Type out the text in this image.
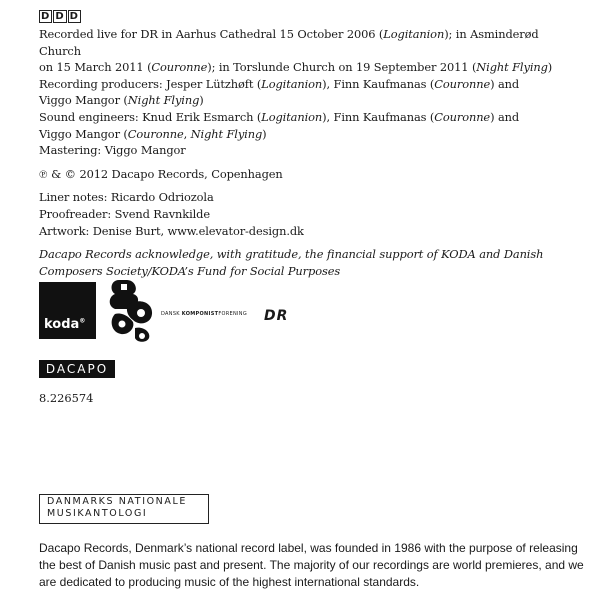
D D D

Recorded live for DR in Aarhus Cathedral 15 October 2006 (Logitanion); in Asminderød Church
on 15 March 2011 (Couronne); in Torslunde Church on 19 September 2011 (Night Flying)

Recording producers: Jesper Lützhøft (Logitanion), Finn Kaufmanas (Couronne) and
Viggo Mangor (Night Flying)

Sound engineers: Knud Erik Esmarch (Logitanion), Finn Kaufmanas (Couronne) and
Viggo Mangor (Couronne, Night Flying)

Mastering: Viggo Mangor

℗ & © 2012 Dacapo Records, Copenhagen

Liner notes: Ricardo Odriozola

Proofreader: Svend Ravnkilde

Artwork: Denise Burt, www.elevator-design.dk

Dacapo Records acknowledge, with gratitude, the financial support of KODA and Danish Composers Society/KODA’s Fund for Social Purposes

koda®
DANSK KOMPONISTFORENING DR
DACAPO
8.226574
DANMARKS NATIONALE
MUSIKANTOLOGI
Dacapo Records, Denmark’s national record label, was founded in 1986 with the purpose of releasing the best of Danish music past and present. The majority of our recordings are world premieres, and we are dedicated to producing music of the highest international standards.
